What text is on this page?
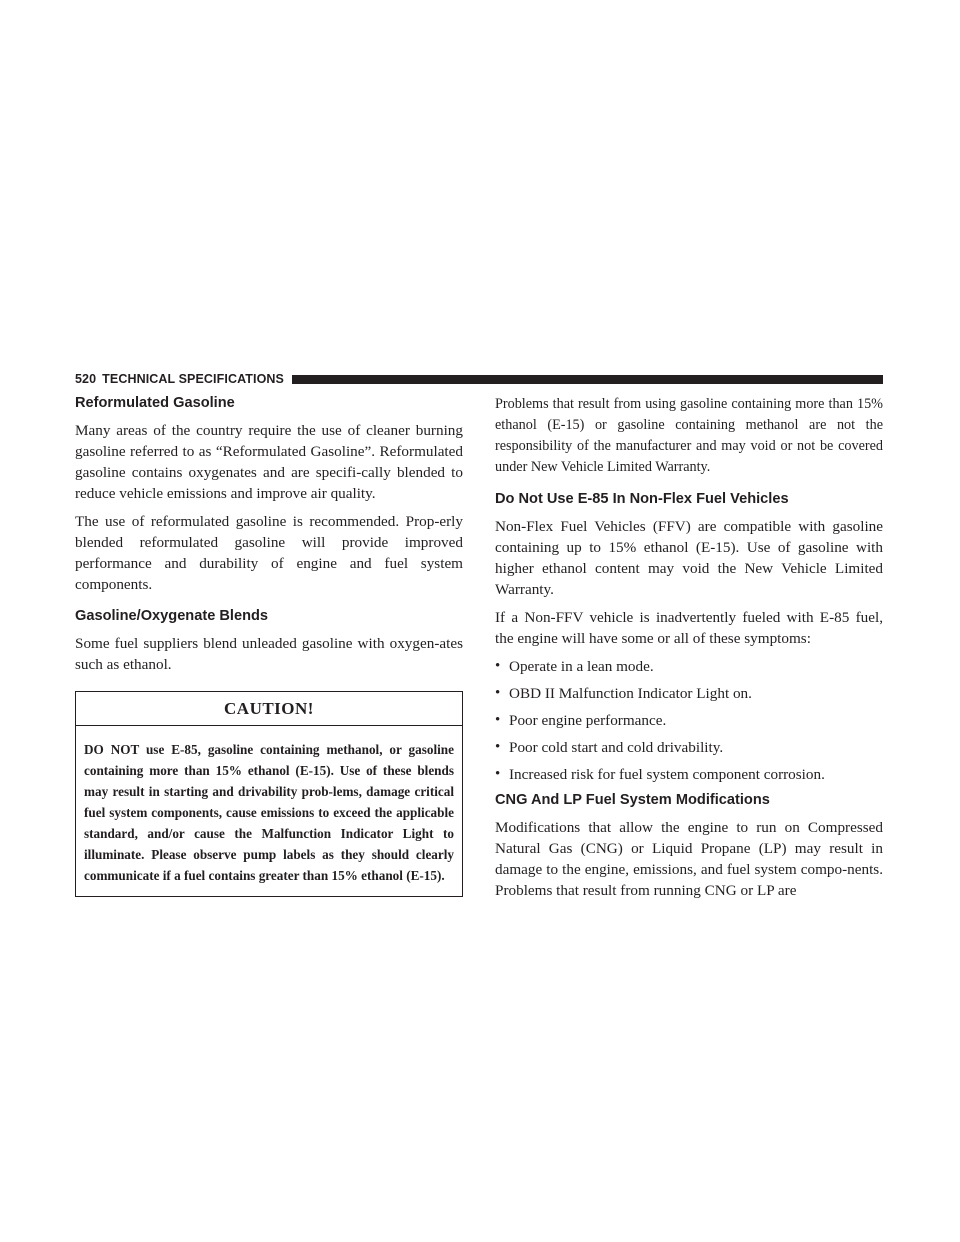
520 TECHNICAL SPECIFICATIONS
Reformulated Gasoline

Many areas of the country require the use of cleaner burning gasoline referred to as “Reformulated Gasoline”. Reformulated gasoline contains oxygenates and are specifi-cally blended to reduce vehicle emissions and improve air quality.

The use of reformulated gasoline is recommended. Prop-erly blended reformulated gasoline will provide improved performance and durability of engine and fuel system components.

Gasoline/Oxygenate Blends

Some fuel suppliers blend unleaded gasoline with oxygen-ates such as ethanol.

CAUTION!
DO NOT use E-85, gasoline containing methanol, or gasoline containing more than 15% ethanol (E-15). Use of these blends may result in starting and drivability prob-lems, damage critical fuel system components, cause emissions to exceed the applicable standard, and/or cause the Malfunction Indicator Light to illuminate. Please observe pump labels as they should clearly communicate if a fuel contains greater than 15% ethanol (E-15).

Problems that result from using gasoline containing more than 15% ethanol (E-15) or gasoline containing methanol are not the responsibility of the manufacturer and may void or not be covered under New Vehicle Limited Warranty.

Do Not Use E-85 In Non-Flex Fuel Vehicles

Non-Flex Fuel Vehicles (FFV) are compatible with gasoline containing up to 15% ethanol (E-15). Use of gasoline with higher ethanol content may void the New Vehicle Limited Warranty.

If a Non-FFV vehicle is inadvertently fueled with E-85 fuel, the engine will have some or all of these symptoms:

• Operate in a lean mode.
• OBD II Malfunction Indicator Light on.
• Poor engine performance.
• Poor cold start and cold drivability.
• Increased risk for fuel system component corrosion.
CNG And LP Fuel System Modifications

Modifications that allow the engine to run on Compressed Natural Gas (CNG) or Liquid Propane (LP) may result in damage to the engine, emissions, and fuel system compo-nents. Problems that result from running CNG or LP are
